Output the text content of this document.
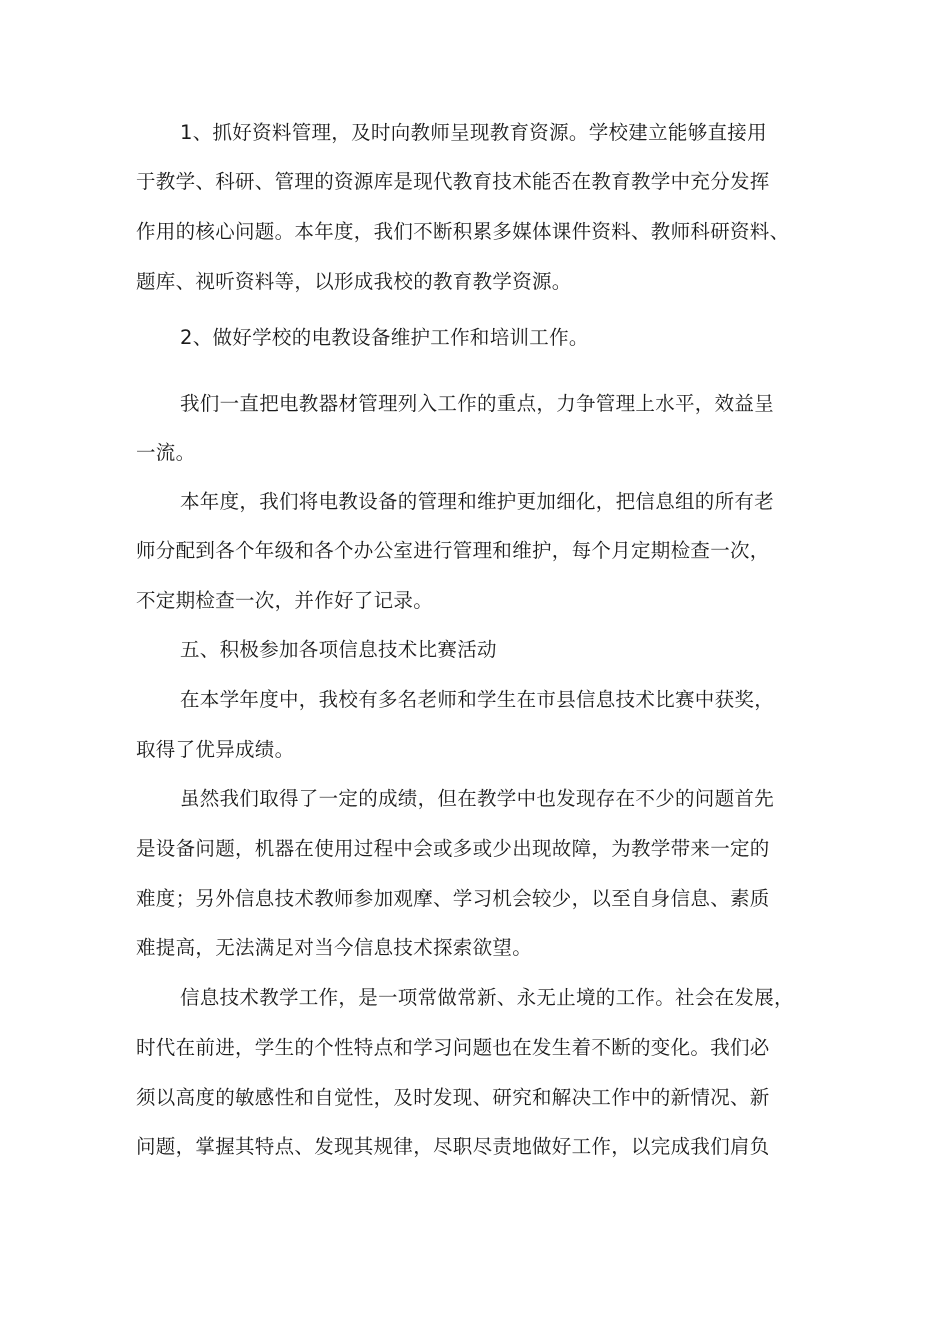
1、抓好资料管理，及时向教师呈现教育资源。学校建立能够直接用

于教学、科研、管理的资源库是现代教育技术能否在教育教学中充分发挥

作用的核心问题。本年度，我们不断积累多媒体课件资料、教师科研资料、

题库、视听资料等，以形成我校的教育教学资源。

2、做好学校的电教设备维护工作和培训工作。

我们一直把电教器材管理列入工作的重点，力争管理上水平，效益呈

一流。

本年度，我们将电教设备的管理和维护更加细化，把信息组的所有老

师分配到各个年级和各个办公室进行管理和维护，每个月定期检查一次，

不定期检查一次，并作好了记录。

五、积极参加各项信息技术比赛活动

在本学年度中，我校有多名老师和学生在市县信息技术比赛中获奖，

取得了优异成绩。

虽然我们取得了一定的成绩，但在教学中也发现存在不少的问题首先

是设备问题，机器在使用过程中会或多或少出现故障，为教学带来一定的

难度；另外信息技术教师参加观摩、学习机会较少，以至自身信息、素质

难提高，无法满足对当今信息技术探索欲望。

信息技术教学工作，是一项常做常新、永无止境的工作。社会在发展，

时代在前进，学生的个性特点和学习问题也在发生着不断的变化。我们必

须以高度的敏感性和自觉性，及时发现、研究和解决工作中的新情况、新

问题，掌握其特点、发现其规律，尽职尽责地做好工作，以完成我们肩负
